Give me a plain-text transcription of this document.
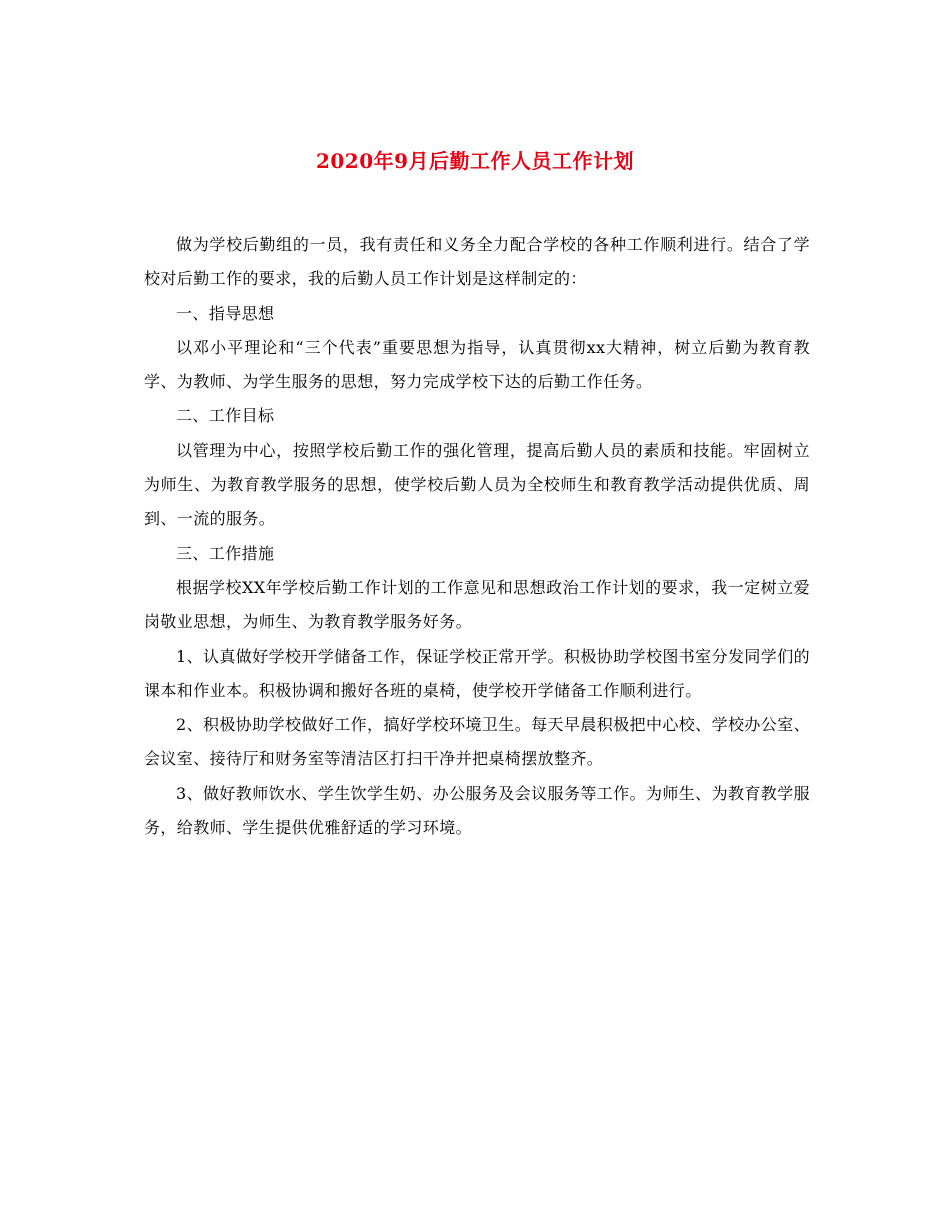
2020年9月后勤工作人员工作计划

做为学校后勤组的一员，我有责任和义务全力配合学校的各种工作顺利进行。结合了学校对后勤工作的要求，我的后勤人员工作计划是这样制定的：

一、指导思想

以邓小平理论和“三个代表”重要思想为指导，认真贯彻xx大精神，树立后勤为教育教学、为教师、为学生服务的思想，努力完成学校下达的后勤工作任务。

二、工作目标

以管理为中心，按照学校后勤工作的强化管理，提高后勤人员的素质和技能。牢固树立为师生、为教育教学服务的思想，使学校后勤人员为全校师生和教育教学活动提供优质、周到、一流的服务。

三、工作措施

根据学校XX年学校后勤工作计划的工作意见和思想政治工作计划的要求，我一定树立爱岗敬业思想，为师生、为教育教学服务好务。

1、认真做好学校开学储备工作，保证学校正常开学。积极协助学校图书室分发同学们的课本和作业本。积极协调和搬好各班的桌椅，使学校开学储备工作顺利进行。

2、积极协助学校做好工作，搞好学校环境卫生。每天早晨积极把中心校、学校办公室、会议室、接待厅和财务室等清洁区打扫干净并把桌椅摆放整齐。

3、做好教师饮水、学生饮学生奶、办公服务及会议服务等工作。为师生、为教育教学服务，给教师、学生提供优雅舒适的学习环境。
